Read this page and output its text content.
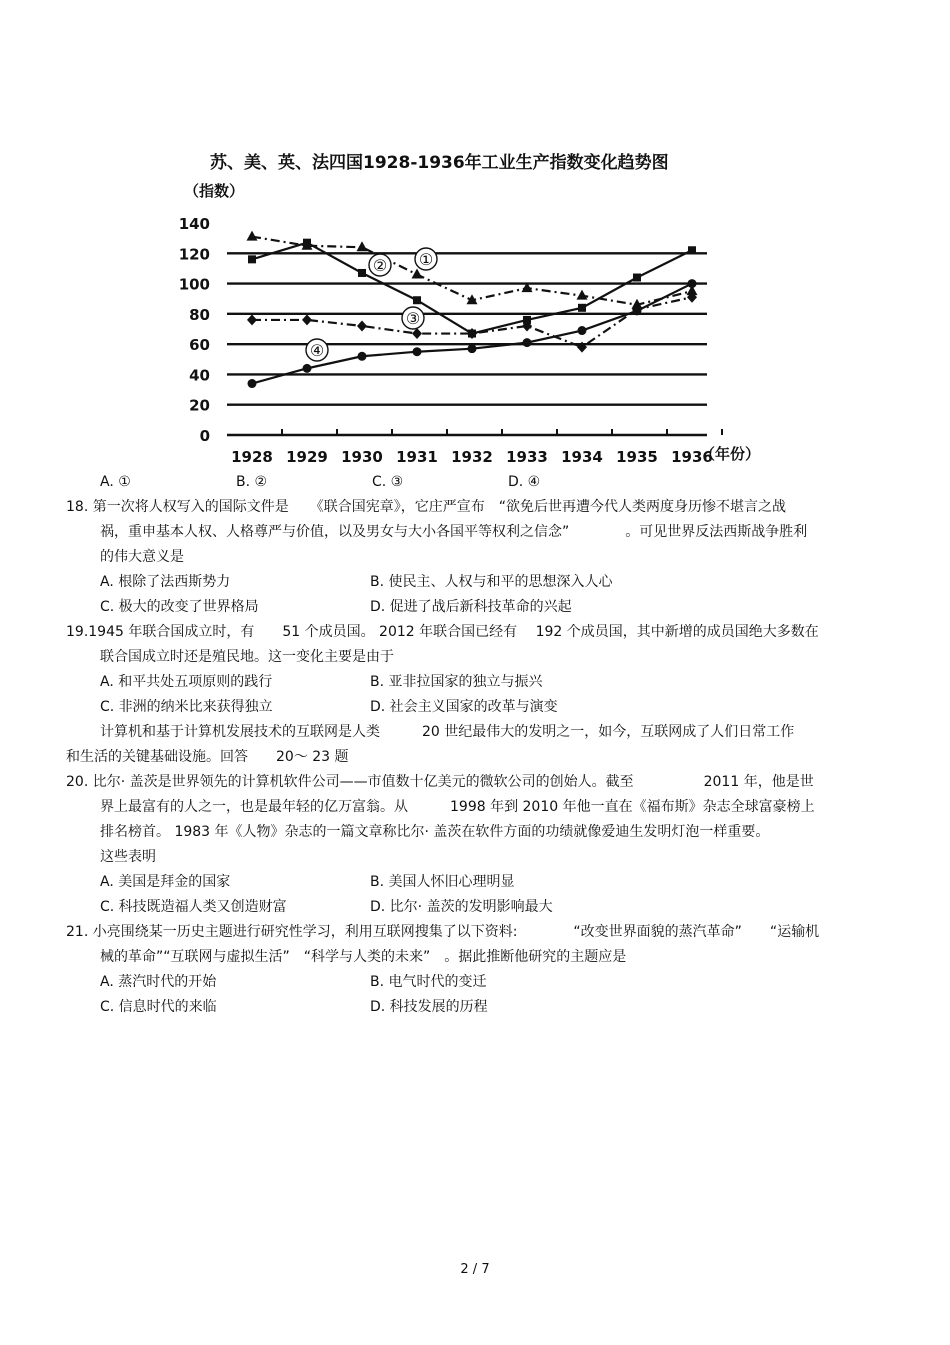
苏、美、英、法四国1928-1936年工业生产指数变化趋势图
（指数）
（年份）
0
20
40
60
80
100
120
140
1928 1929 1930 1931 1932 1933 1934 1935 1936
①
②
③
④
A. ①	B. ②	C. ③	D. ④
18. 第一次将人权写入的国际文件是　　《联合国宪章》，它庄严宣布　“欲免后世再遭今代人类两度身历惨不堪言之战
祸，重申基本人权、人格尊严与价值，以及男女与大小各国平等权利之信念”　　　　。可见世界反法西斯战争胜利
的伟大意义是
A. 根除了法西斯势力	B. 使民主、人权与和平的思想深入人心
C. 极大的改变了世界格局	D. 促进了战后新科技革命的兴起
19.1945 年联合国成立时，有　　51 个成员国。 2012 年联合国已经有　 192 个成员国，其中新增的成员国绝大多数在
联合国成立时还是殖民地。这一变化主要是由于
A. 和平共处五项原则的践行	B. 亚非拉国家的独立与振兴
C. 非洲的纳米比来获得独立	D. 社会主义国家的改革与演变
计算机和基于计算机发展技术的互联网是人类　　　20 世纪最伟大的发明之一，如今，互联网成了人们日常工作
和生活的关键基础设施。回答　　20～ 23 题
20. 比尔· 盖茨是世界领先的计算机软件公司——市值数十亿美元的微软公司的创始人。截至　　　　　2011 年，他是世
界上最富有的人之一，也是最年轻的亿万富翁。从　　　1998 年到 2010 年他一直在《福布斯》杂志全球富豪榜上
排名榜首。 1983 年《人物》杂志的一篇文章称比尔· 盖茨在软件方面的功绩就像爱迪生发明灯泡一样重要。
这些表明
A. 美国是拜金的国家	B. 美国人怀旧心理明显
C. 科技既造福人类又创造财富	D. 比尔· 盖茨的发明影响最大
21. 小亮围绕某一历史主题进行研究性学习，利用互联网搜集了以下资料:　　　　“改变世界面貌的蒸汽革命”　　“运输机
械的革命”“互联网与虚拟生活”　“科学与人类的未来”　。据此推断他研究的主题应是
A. 蒸汽时代的开始	B. 电气时代的变迁
C. 信息时代的来临	D. 科技发展的历程
2 / 7
